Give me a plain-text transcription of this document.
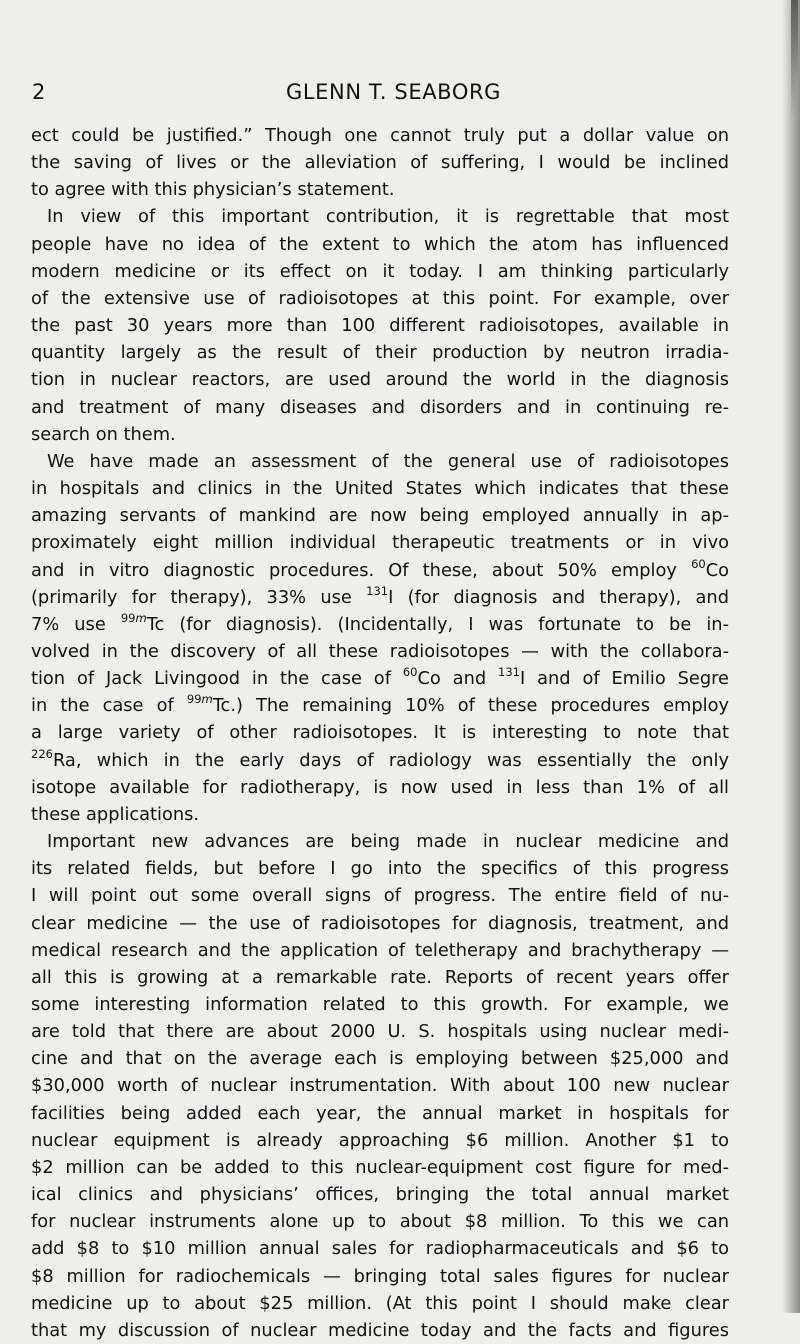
2	GLENN T. SEABORG
ect could be justified.” Though one cannot truly put a dollar value on
the saving of lives or the alleviation of suffering, I would be inclined
to agree with this physician’s statement.
In view of this important contribution, it is regrettable that most
people have no idea of the extent to which the atom has influenced
modern medicine or its effect on it today. I am thinking particularly
of the extensive use of radioisotopes at this point. For example, over
the past 30 years more than 100 different radioisotopes, available in
quantity largely as the result of their production by neutron irradia-
tion in nuclear reactors, are used around the world in the diagnosis
and treatment of many diseases and disorders and in continuing re-
search on them.
We have made an assessment of the general use of radioisotopes
in hospitals and clinics in the United States which indicates that these
amazing servants of mankind are now being employed annually in ap-
proximately eight million individual therapeutic treatments or in vivo
and in vitro diagnostic procedures. Of these, about 50% employ $^{60}$Co
(primarily for therapy), 33% use $^{131}$I (for diagnosis and therapy), and
7% use $^{99m}$Tc (for diagnosis). (Incidentally, I was fortunate to be in-
volved in the discovery of all these radioisotopes — with the collabora-
tion of Jack Livingood in the case of $^{60}$Co and $^{131}$I and of Emilio Segre
in the case of $^{99m}$Tc.) The remaining 10% of these procedures employ
a large variety of other radioisotopes. It is interesting to note that
$^{226}$Ra, which in the early days of radiology was essentially the only
isotope available for radiotherapy, is now used in less than 1% of all
these applications.
Important new advances are being made in nuclear medicine and
its related fields, but before I go into the specifics of this progress
I will point out some overall signs of progress. The entire field of nu-
clear medicine — the use of radioisotopes for diagnosis, treatment, and
medical research and the application of teletherapy and brachytherapy —
all this is growing at a remarkable rate. Reports of recent years offer
some interesting information related to this growth. For example, we
are told that there are about 2000 U. S. hospitals using nuclear medi-
cine and that on the average each is employing between $25,000 and
$30,000 worth of nuclear instrumentation. With about 100 new nuclear
facilities being added each year, the annual market in hospitals for
nuclear equipment is already approaching $6 million. Another $1 to
$2 million can be added to this nuclear-equipment cost figure for med-
ical clinics and physicians’ offices, bringing the total annual market
for nuclear instruments alone up to about $8 million. To this we can
add $8 to $10 million annual sales for radiopharmaceuticals and $6 to
$8 million for radiochemicals — bringing total sales figures for nuclear
medicine up to about $25 million. (At this point I should make clear
that my discussion of nuclear medicine today and the facts and figures
